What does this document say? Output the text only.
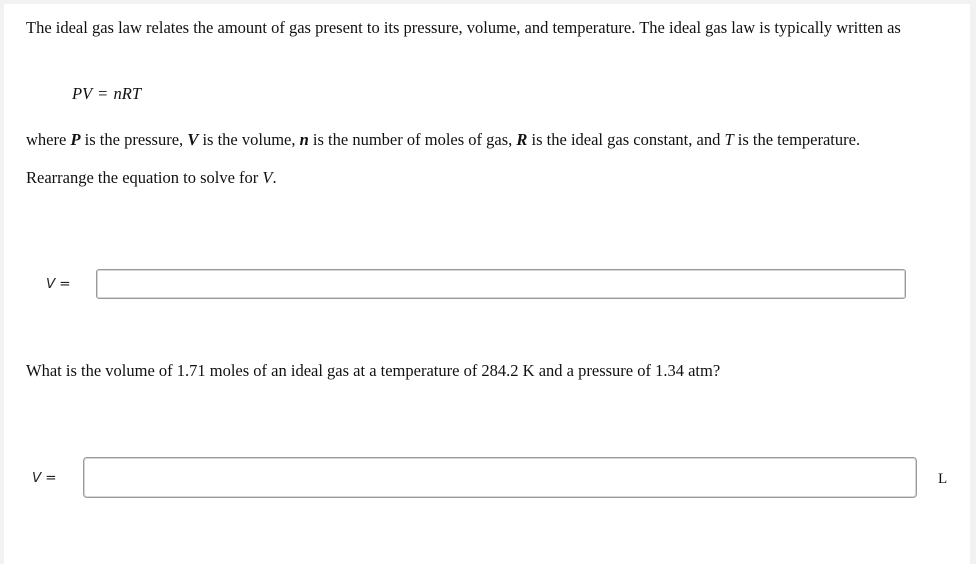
The ideal gas law relates the amount of gas present to its pressure, volume, and temperature. The ideal gas law is typically written as

PV = nRT

where P is the pressure, V is the volume, n is the number of moles of gas, R is the ideal gas constant, and T is the temperature.

Rearrange the equation to solve for V.

V =

What is the volume of 1.71 moles of an ideal gas at a temperature of 284.2 K and a pressure of 1.34 atm?

V =	L
